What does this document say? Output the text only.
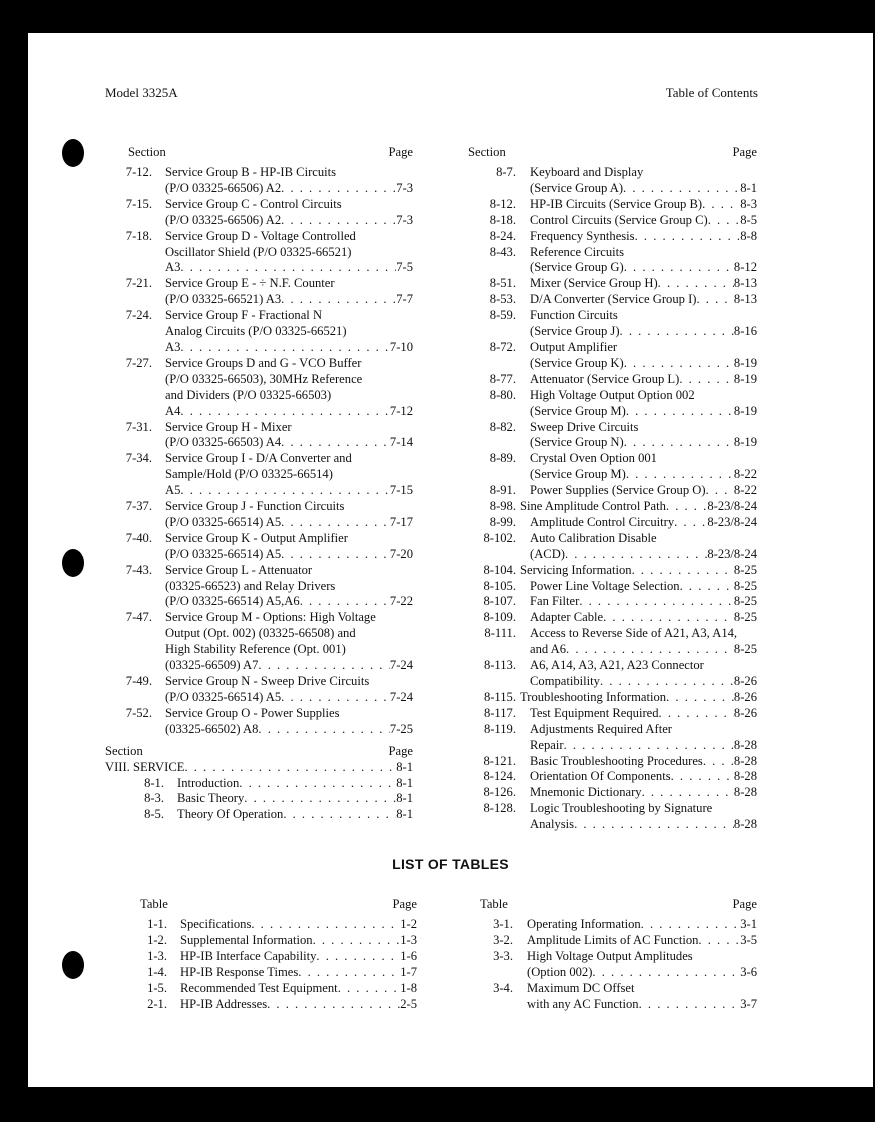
Model 3325A	Table of Contents
Section	Page
7-12. Service Group B - HP-IB Circuits
(P/O 03325-66506) A2 . . .	7-3
7-15. Service Group C - Control Circuits
(P/O 03325-66506) A2 . . .	7-3
7-18. Service Group D - Voltage Controlled
Oscillator Shield (P/O 03325-66521)
A3 . . .	7-5
7-21. Service Group E - ÷ N.F. Counter
(P/O 03325-66521) A3 . . .	7-7
7-24. Service Group F - Fractional N
Analog Circuits (P/O 03325-66521)
A3 . . .	7-10
7-27. Service Groups D and G - VCO Buffer
(P/O 03325-66503), 30MHz Reference
and Dividers (P/O 03325-66503)
A4 . . .	7-12
7-31. Service Group H - Mixer
(P/O 03325-66503) A4 . . .	7-14
7-34. Service Group I - D/A Converter and
Sample/Hold (P/O 03325-66514)
A5 . . .	7-15
7-37. Service Group J - Function Circuits
(P/O 03325-66514) A5 . . .	7-17
7-40. Service Group K - Output Amplifier
(P/O 03325-66514) A5 . . .	7-20
7-43. Service Group L - Attenuator
(03325-66523) and Relay Drivers
(P/O 03325-66514) A5,A6 . . .	7-22
7-47. Service Group M - Options: High Voltage
Output (Opt. 002) (03325-66508) and
High Stability Reference (Opt. 001)
(03325-66509) A7 . . .	7-24
7-49. Service Group N - Sweep Drive Circuits
(P/O 03325-66514) A5 . . .	7-24
7-52. Service Group O - Power Supplies
(03325-66502) A8 . . .	7-25
Section	Page
VIII. SERVICE . . .	8-1
8-1. Introduction . . .	8-1
8-3. Basic Theory . . .	8-1
8-5. Theory Of Operation . . .	8-1
Section	Page
8-7. Keyboard and Display
(Service Group A) . . .	8-1
8-12. HP-IB Circuits (Service Group B) . . .	8-3
8-18. Control Circuits (Service Group C) . . .	8-5
8-24. Frequency Synthesis . . .	8-8
8-43. Reference Circuits
(Service Group G) . . .	8-12
8-51. Mixer (Service Group H) . . .	8-13
8-53. D/A Converter (Service Group I) . . .	8-13
8-59. Function Circuits
(Service Group J) . . .	8-16
8-72. Output Amplifier
(Service Group K) . . .	8-19
8-77. Attenuator (Service Group L) . . .	8-19
8-80. High Voltage Output Option 002
(Service Group M) . . .	8-19
8-82. Sweep Drive Circuits
(Service Group N) . . .	8-19
8-89. Crystal Oven Option 001
(Service Group M) . . .	8-22
8-91. Power Supplies (Service Group O) . . . 8-22
8-98. Sine Amplitude Control Path . . .	8-23/8-24
8-99. Amplitude Control Circuitry . . .	8-23/8-24
8-102. Auto Calibration Disable
(ACD) . . .	8-23/8-24
8-104. Servicing Information . . .	8-25
8-105. Power Line Voltage Selection . . .	8-25
8-107. Fan Filter . . .	8-25
8-109. Adapter Cable . . .	8-25
8-111. Access to Reverse Side of A21, A3, A14,
and A6 . . .	8-25
8-113. A6, A14, A3, A21, A23 Connector
Compatibility . . .	8-26
8-115. Troubleshooting Information . . .	8-26
8-117. Test Equipment Required . . .	8-26
8-119. Adjustments Required After
Repair . . .	8-28
8-121. Basic Troubleshooting Procedures . . . 8-28
8-124. Orientation Of Components . . .	8-28
8-126. Mnemonic Dictionary . . .	8-28
8-128. Logic Troubleshooting by Signature
Analysis . . .	8-28
LIST OF TABLES
Table	Page
1-1. Specifications . . .	1-2
1-2. Supplemental Information . . .	1-3
1-3. HP-IB Interface Capability . . .	1-6
1-4. HP-IB Response Times . . .	1-7
1-5. Recommended Test Equipment . . .	1-8
2-1. HP-IB Addresses . . .	2-5
Table	Page
3-1. Operating Information . . .	3-1
3-2. Amplitude Limits of AC Function . . .	3-5
3-3. High Voltage Output Amplitudes
(Option 002) . . .	3-6
3-4. Maximum DC Offset
with any AC Function . . .	3-7
